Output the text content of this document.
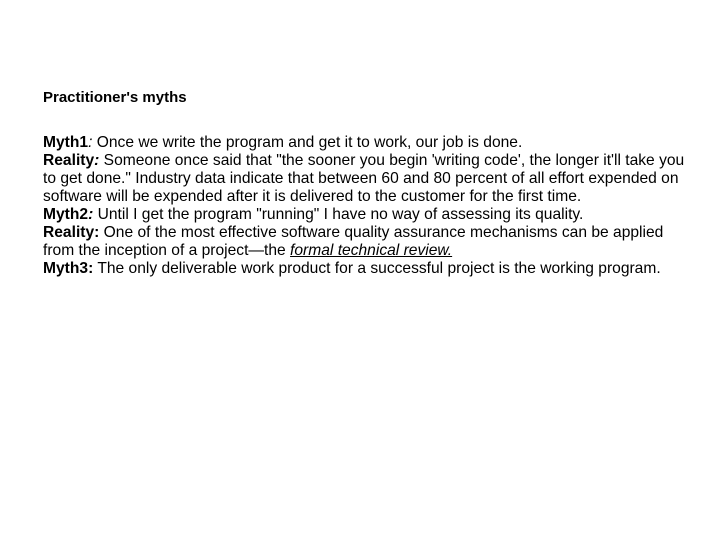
Practitioner's myths

Myth1: Once we write the program and get it to work, our job is done.

Reality: Someone once said that "the sooner you begin 'writing code', the longer it'll take you to get done." Industry data indicate that between 60 and 80 percent of all effort expended on software will be expended after it is delivered to the customer for the first time.

Myth2: Until I get the program "running" I have no way of assessing its quality.

Reality: One of the most effective software quality assurance mechanisms can be applied from the inception of a project—the formal technical review.

Myth3: The only deliverable work product for a successful project is the working program.
